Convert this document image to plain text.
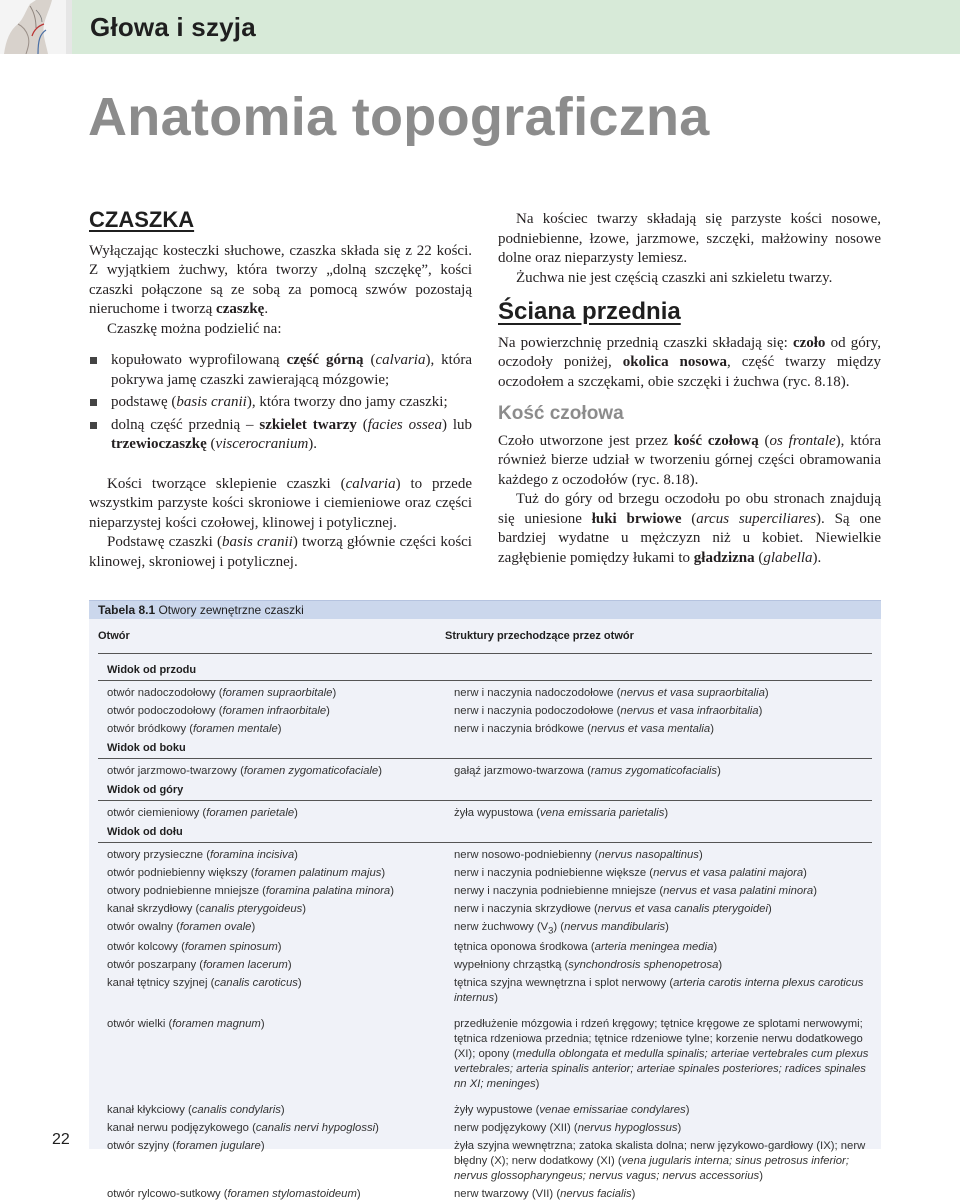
Głowa i szyja
Anatomia topograficzna
CZASZKA

Wyłączając kosteczki słuchowe, czaszka składa się z 22 kości. Z wyjątkiem żuchwy, która tworzy „dolną szczękę”, kości czaszki połączone są ze sobą za pomocą szwów pozostają nieruchome i tworzą czaszkę.

Czaszkę można podzielić na:

kopułowato wyprofilowaną część górną (calvaria), która pokrywa jamę czaszki zawierającą mózgowie;
podstawę (basis cranii), która tworzy dno jamy czaszki;
dolną część przednią – szkielet twarzy (facies ossea) lub trzewioczaszkę (viscerocranium).

Kości tworzące sklepienie czaszki (calvaria) to przede wszystkim parzyste kości skroniowe i ciemieniowe oraz części nieparzystej kości czołowej, klinowej i potylicznej.

Podstawę czaszki (basis cranii) tworzą głównie części kości klinowej, skroniowej i potylicznej.

Na kościec twarzy składają się parzyste kości nosowe, podniebienne, łzowe, jarzmowe, szczęki, małżowiny nosowe dolne oraz nieparzysty lemiesz.

Żuchwa nie jest częścią czaszki ani szkieletu twarzy.

Ściana przednia

Na powierzchnię przednią czaszki składają się: czoło od góry, oczodoły poniżej, okolica nosowa, część twarzy między oczodołem a szczękami, obie szczęki i żuchwa (ryc. 8.18).

Kość czołowa

Czoło utworzone jest przez kość czołową (os frontale), która również bierze udział w tworzeniu górnej części obramowania każdego z oczodołów (ryc. 8.18).

Tuż do góry od brzegu oczodołu po obu stronach znajdują się uniesione łuki brwiowe (arcus superciliares). Są one bardziej wydatne u mężczyzn niż u kobiet. Niewielkie zagłębienie pomiędzy łukami to gładzizna (glabella).

Tabela 8.1 Otwory zewnętrzne czaszki
Otwór	Struktury przechodzące przez otwór
Widok od przodu
otwór nadoczodołowy (foramen supraorbitale)	nerw i naczynia nadoczodołowe (nervus et vasa supraorbitalia)
otwór podoczodołowy (foramen infraorbitale)	nerw i naczynia podoczodołowe (nervus et vasa infraorbitalia)
otwór bródkowy (foramen mentale)	nerw i naczynia bródkowe (nervus et vasa mentalia)
Widok od boku
otwór jarzmowo-twarzowy (foramen zygomaticofaciale)	gałąź jarzmowo-twarzowa (ramus zygomaticofacialis)
Widok od góry
otwór ciemieniowy (foramen parietale)	żyła wypustowa (vena emissaria parietalis)
Widok od dołu
otwory przysieczne (foramina incisiva)	nerw nosowo-podniebienny (nervus nasopaltinus)
otwór podniebienny większy (foramen palatinum majus)	nerw i naczynia podniebienne większe (nervus et vasa palatini majora)
otwory podniebienne mniejsze (foramina palatina minora)	nerwy i naczynia podniebienne mniejsze (nervus et vasa palatini minora)
kanał skrzydłowy (canalis pterygoideus)	nerw i naczynia skrzydłowe (nervus et vasa canalis pterygoidei)
otwór owalny (foramen ovale)	nerw żuchwowy $(V_3)$ (nervus mandibularis)
otwór kolcowy (foramen spinosum)	tętnica oponowa środkowa (arteria meningea media)
otwór poszarpany (foramen lacerum)	wypełniony chrząstką (synchondrosis sphenopetrosa)
kanał tętnicy szyjnej (canalis caroticus)	tętnica szyjna wewnętrzna i splot nerwowy (arteria carotis interna plexus caroticus internus)
otwór wielki (foramen magnum)	przedłużenie mózgowia i rdzeń kręgowy; tętnice kręgowe ze splotami nerwowymi; tętnica rdzeniowa przednia; tętnice rdzeniowe tylne; korzenie nerwu dodatkowego (XI); opony (medulla oblongata et medulla spinalis; arteriae vertebrales cum plexus vertebrales; arteria spinalis anterior; arteriae spinales posteriores; radices spinales nn XI; meninges)
kanał kłykciowy (canalis condylaris)	żyły wypustowe (venae emissariae condylares)
kanał nerwu podjęzykowego (canalis nervi hypoglossi)	nerw podjęzykowy (XII) (nervus hypoglossus)
otwór szyjny (foramen jugulare)	żyła szyjna wewnętrzna; zatoka skalista dolna; nerw językowo-gardłowy (IX); nerw błędny (X); nerw dodatkowy (XI) (vena jugularis interna; sinus petrosus inferior; nervus glossopharyngeus; nervus vagus; nervus accessorius)
otwór rylcowo-sutkowy (foramen stylomastoideum)	nerw twarzowy (VII) (nervus facialis)
22
